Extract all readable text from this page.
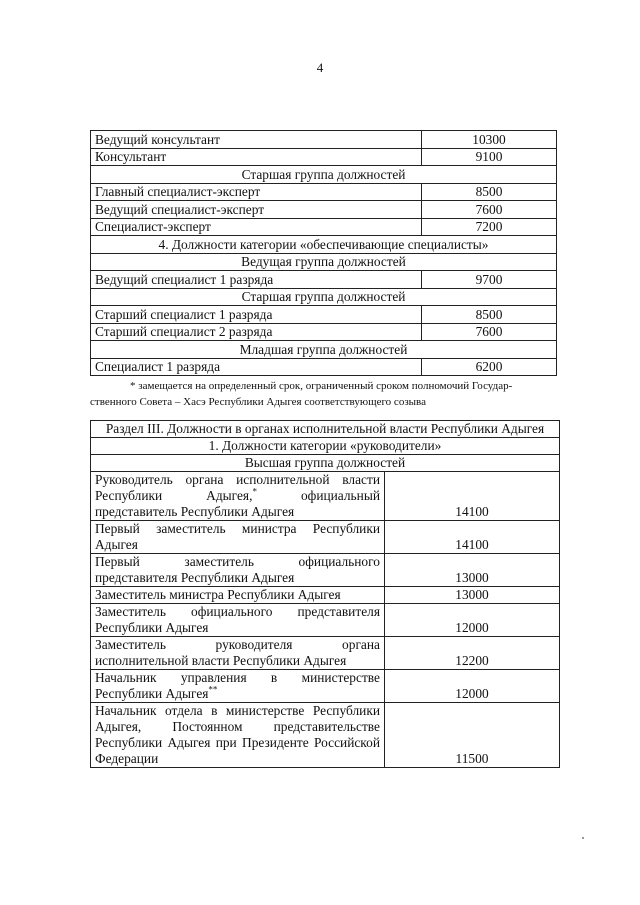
4
Ведущий консультант	10300
Консультант	9100
Старшая группа должностей	
Главный специалист-эксперт	8500
Ведущий специалист-эксперт	7600
Специалист-эксперт	7200
4. Должности категории «обеспечивающие специалисты»	
Ведущая группа должностей	
Ведущий специалист 1 разряда	9700
Старшая группа должностей	
Старший специалист 1 разряда	8500
Старший специалист 2 разряда	7600
Младшая группа должностей	
Специалист 1 разряда	6200
* замещается на определенный срок, ограниченный сроком полномочий Государ-
ственного Совета – Хасэ Республики Адыгея соответствующего созыва
Раздел III. Должности в органах исполнительной власти Республики Адыгея	
1. Должности категории «руководители»	
Высшая группа должностей	
Руководитель органа исполнительной власти Республики Адыгея,* официальный представитель Республики Адыгея	14100
Первый заместитель министра Республики Адыгея	14100
Первый заместитель официального представителя Республики Адыгея	13000
Заместитель министра Республики Адыгея	13000
Заместитель официального представителя Республики Адыгея	12000
Заместитель руководителя органа исполнительной власти Республики Адыгея	12200
Начальник управления в министерстве Республики Адыгея**	12000
Начальник отдела в министерстве Республики Адыгея, Постоянном представительстве Республики Адыгея при Президенте Российской Федерации	11500
